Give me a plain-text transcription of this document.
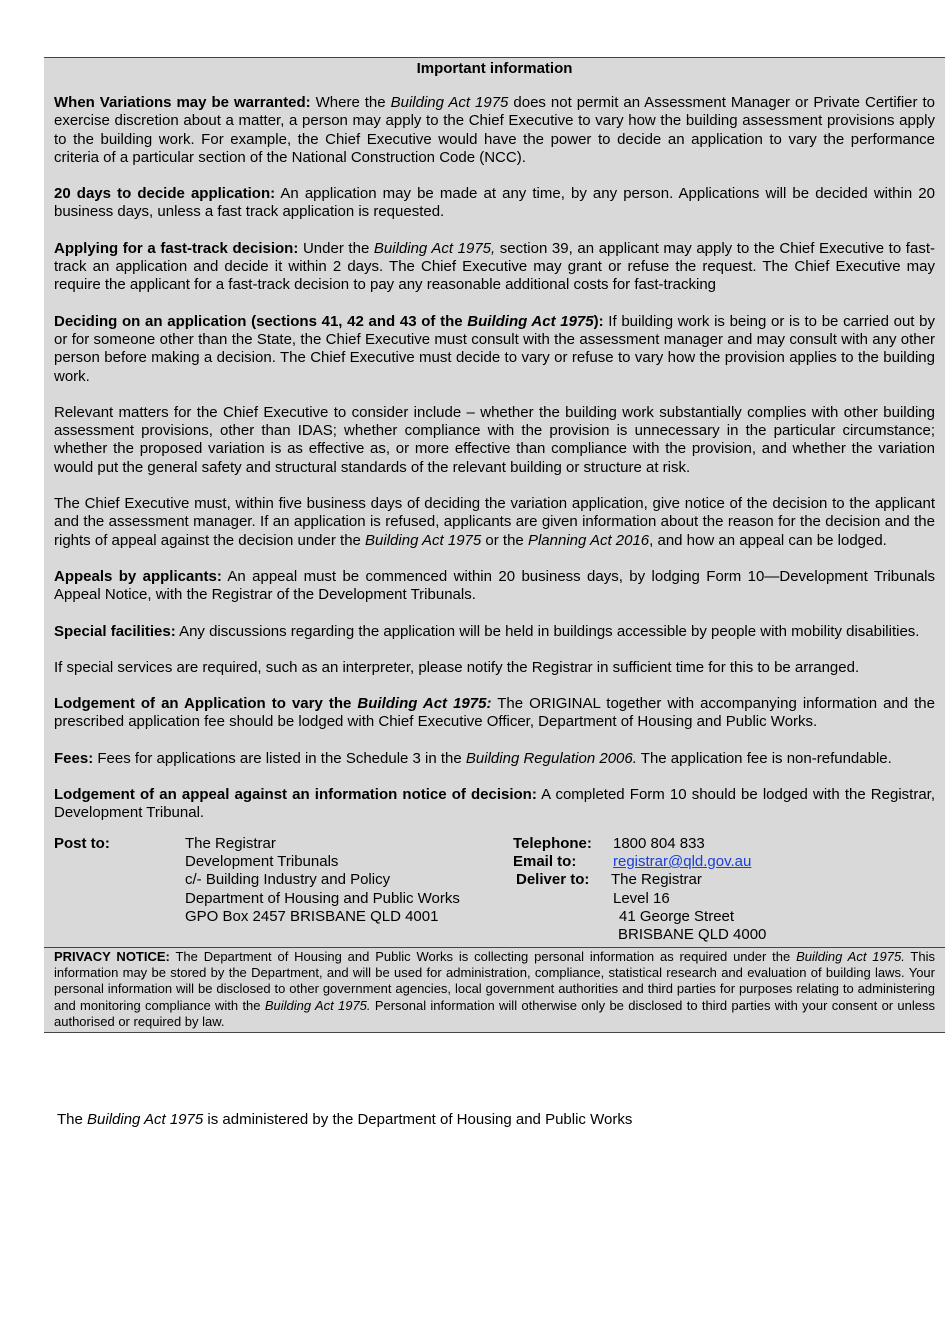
Important information

When Variations may be warranted: Where the Building Act 1975 does not permit an Assessment Manager or Private Certifier to exercise discretion about a matter, a person may apply to the Chief Executive to vary how the building assessment provisions apply to the building work. For example, the Chief Executive would have the power to decide an application to vary the performance criteria of a particular section of the National Construction Code (NCC).

20 days to decide application: An application may be made at any time, by any person. Applications will be decided within 20 business days, unless a fast track application is requested.

Applying for a fast-track decision: Under the Building Act 1975, section 39, an applicant may apply to the Chief Executive to fast-track an application and decide it within 2 days. The Chief Executive may grant or refuse the request. The Chief Executive may require the applicant for a fast-track decision to pay any reasonable additional costs for fast-tracking

Deciding on an application (sections 41, 42 and 43 of the Building Act 1975): If building work is being or is to be carried out by or for someone other than the State, the Chief Executive must consult with the assessment manager and may consult with any other person before making a decision. The Chief Executive must decide to vary or refuse to vary how the provision applies to the building work.

Relevant matters for the Chief Executive to consider include – whether the building work substantially complies with other building assessment provisions, other than IDAS; whether compliance with the provision is unnecessary in the particular circumstance; whether the proposed variation is as effective as, or more effective than compliance with the provision, and whether the variation would put the general safety and structural standards of the relevant building or structure at risk.

The Chief Executive must, within five business days of deciding the variation application, give notice of the decision to the applicant and the assessment manager. If an application is refused, applicants are given information about the reason for the decision and the rights of appeal against the decision under the Building Act 1975 or the Planning Act 2016, and how an appeal can be lodged.

Appeals by applicants: An appeal must be commenced within 20 business days, by lodging Form 10—Development Tribunals Appeal Notice, with the Registrar of the Development Tribunals.

Special facilities: Any discussions regarding the application will be held in buildings accessible by people with mobility disabilities.

If special services are required, such as an interpreter, please notify the Registrar in sufficient time for this to be arranged.

Lodgement of an Application to vary the Building Act 1975: The ORIGINAL together with accompanying information and the prescribed application fee should be lodged with Chief Executive Officer, Department of Housing and Public Works.

Fees: Fees for applications are listed in the Schedule 3 in the Building Regulation 2006. The application fee is non-refundable.

Lodgement of an appeal against an information notice of decision: A completed Form 10 should be lodged with the Registrar, Development Tribunal.

Post to:	The Registrar
Development Tribunals
c/- Building Industry and Policy
Department of Housing and Public Works
GPO Box 2457 BRISBANE QLD 4001
Telephone:
Email to:
Deliver to:
1800 804 833
registrar@qld.gov.au
The Registrar
Level 16
41 George Street
BRISBANE QLD 4000
PRIVACY NOTICE: The Department of Housing and Public Works is collecting personal information as required under the Building Act 1975. This information may be stored by the Department, and will be used for administration, compliance, statistical research and evaluation of building laws. Your personal information will be disclosed to other government agencies, local government authorities and third parties for purposes relating to administering and monitoring compliance with the Building Act 1975. Personal information will otherwise only be disclosed to third parties with your consent or unless authorised or required by law.
The Building Act 1975 is administered by the Department of Housing and Public Works
